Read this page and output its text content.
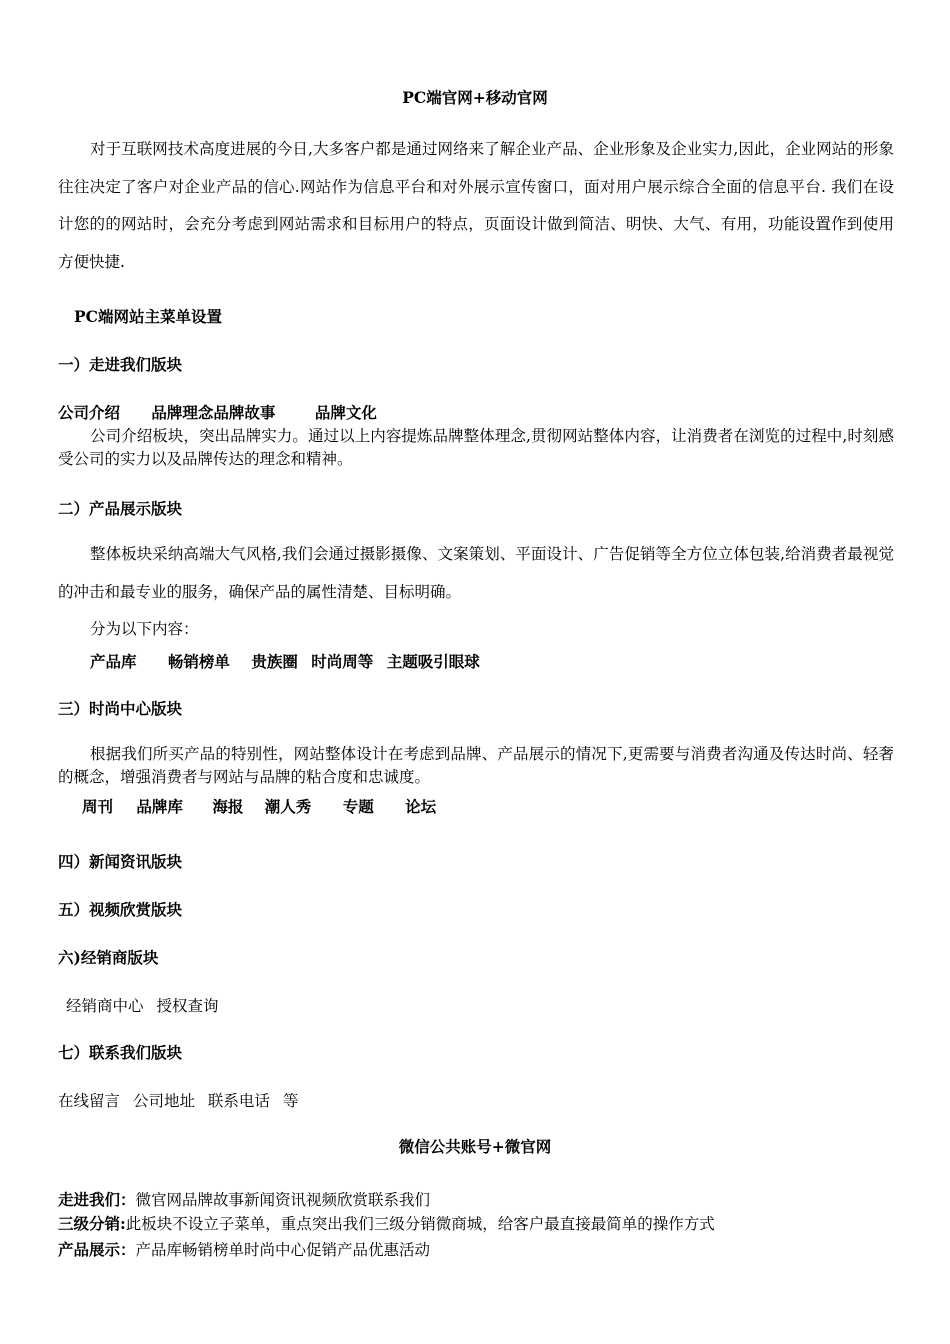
PC端官网+移动官网
对于互联网技术高度进展的今日,大多客户都是通过网络来了解企业产品、企业形象及企业实力,因此，企业网站的形象往往决定了客户对企业产品的信心.网站作为信息平台和对外展示宣传窗口，面对用户展示综合全面的信息平台. 我们在设计您的的网站时，会充分考虑到网站需求和目标用户的特点，页面设计做到简洁、明快、大气、有用，功能设置作到使用方便快捷.
PC端网站主菜单设置
一）走进我们版块
公司介绍 品牌理念品牌故事	品牌文化
公司介绍板块，突出品牌实力。通过以上内容提炼品牌整体理念,贯彻网站整体内容，让消费者在浏览的过程中,时刻感受公司的实力以及品牌传达的理念和精神。
二）产品展示版块
整体板块采纳高端大气风格,我们会通过摄影摄像、文案策划、平面设计、广告促销等全方位立体包装,给消费者最视觉的冲击和最专业的服务，确保产品的属性清楚、目标明确。
分为以下内容：
产品库 畅销榜单 贵族圈 时尚周等 主题吸引眼球
三）时尚中心版块
根据我们所买产品的特别性，网站整体设计在考虑到品牌、产品展示的情况下,更需要与消费者沟通及传达时尚、轻奢的概念，增强消费者与网站与品牌的粘合度和忠诚度。
周刊 品牌库 海报 潮人秀 专题 论坛
四）新闻资讯版块
五）视频欣赏版块
六)经销商版块
经销商中心 授权查询
七）联系我们版块
在线留言 公司地址 联系电话 等
微信公共账号+微官网
走进我们：微官网品牌故事新闻资讯视频欣赏联系我们
三级分销:此板块不设立子菜单，重点突出我们三级分销微商城，给客户最直接最简单的操作方式
产品展示：产品库畅销榜单时尚中心促销产品优惠活动
